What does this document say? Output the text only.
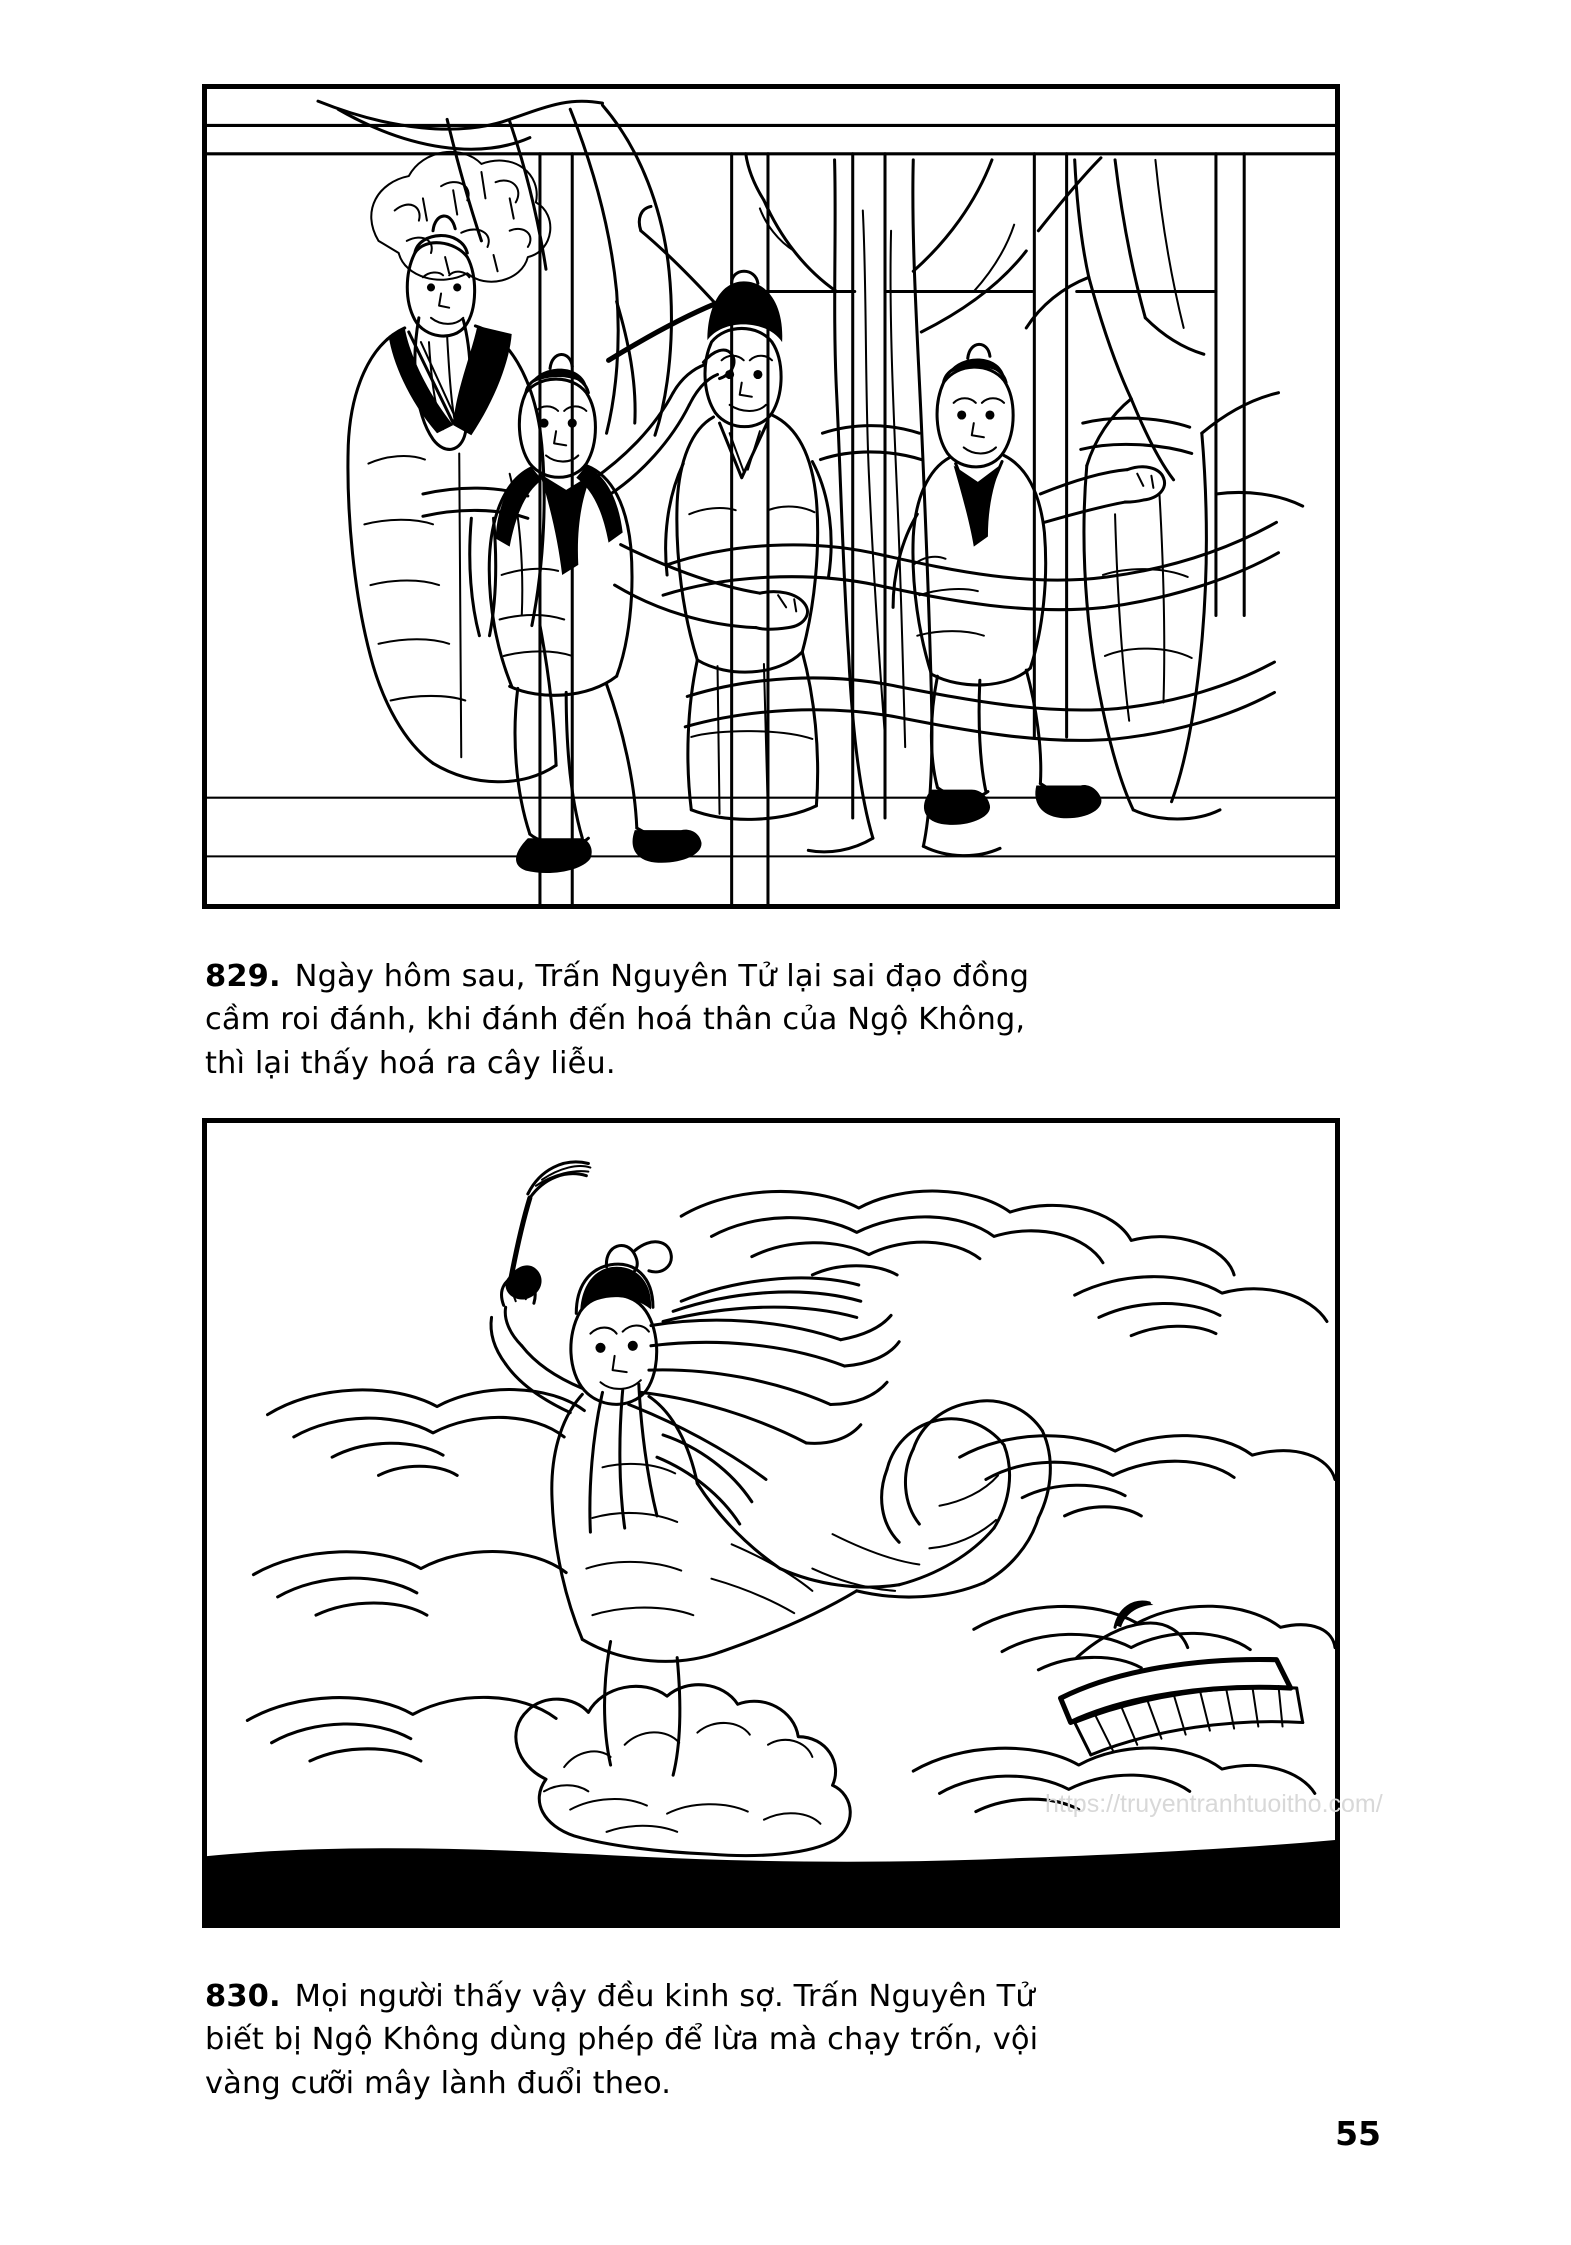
829. Ngày hôm sau, Trấn Nguyên Tử lại sai đạo đồng
cầm roi đánh, khi đánh đến hoá thân của Ngộ Không,
thì lại thấy hoá ra cây liễu.
https://truyentranhtuoitho.com/
830. Mọi người thấy vậy đều kinh sợ. Trấn Nguyên Tử
biết bị Ngộ Không dùng phép để lừa mà chạy trốn, vội
vàng cưỡi mây lành đuổi theo.
55
